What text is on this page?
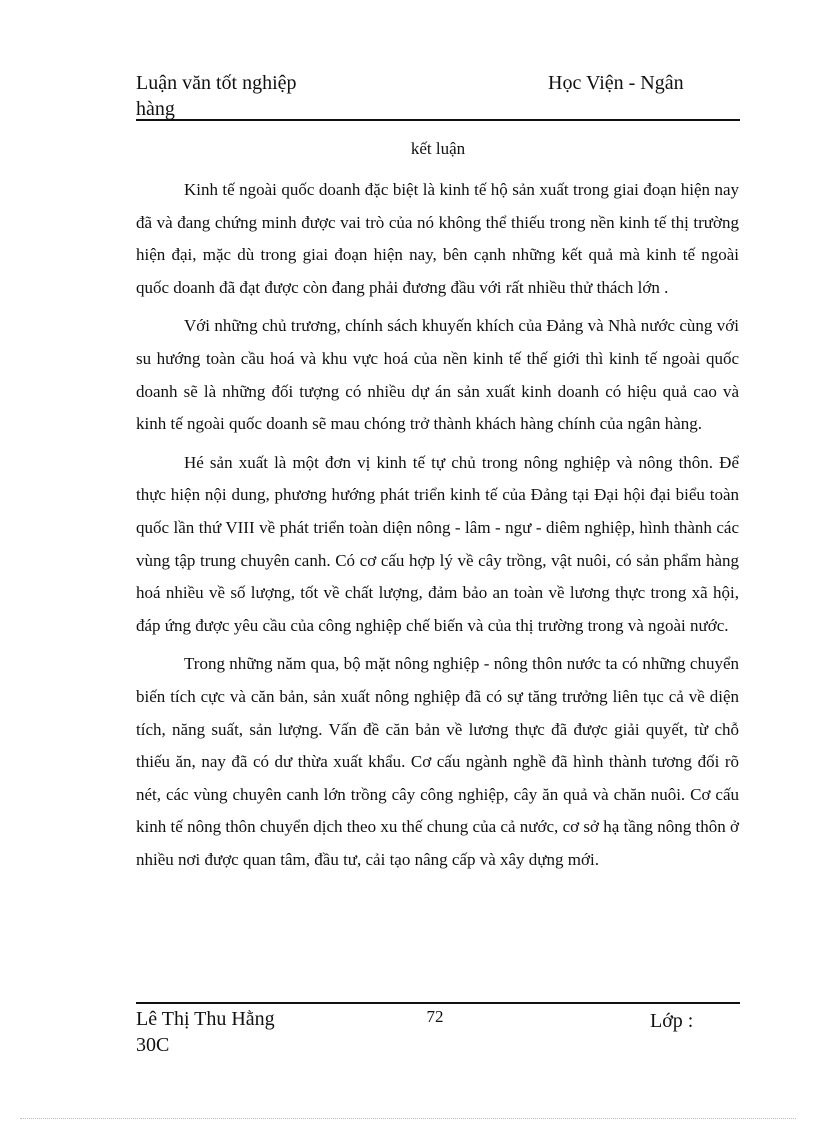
Luận văn tốt nghiệp
hàng
Học Viện - Ngân
kết luận

Kinh tế ngoài quốc doanh đặc biệt là kinh tế hộ sản xuất trong giai đoạn hiện nay đã và đang chứng minh được vai trò của nó không thể thiếu trong nền kinh tế thị trường hiện đại, mặc dù trong giai đoạn hiện nay, bên cạnh những kết quả mà kinh tế ngoài quốc doanh đã đạt được còn đang phải đương đầu với rất nhiều thử thách lớn .

Với những chủ trương, chính sách khuyến khích của Đảng và Nhà nước cùng với su hướng toàn cầu hoá và khu vực hoá của nền kinh tế thế giới thì kinh tế ngoài quốc doanh sẽ là những đối tượng có nhiều dự án sản xuất kinh doanh có hiệu quả cao và kinh tế ngoài quốc doanh sẽ mau chóng trở thành khách hàng chính của ngân hàng.

Hé sản xuất là một đơn vị kinh tế tự chủ trong nông nghiệp và nông thôn. Để thực hiện nội dung, phương hướng phát triển kinh tế của Đảng tại Đại hội đại biểu toàn quốc lần thứ VIII về phát triển toàn diện nông - lâm - ngư - diêm nghiệp, hình thành các vùng tập trung chuyên canh. Có cơ cấu hợp lý về cây trồng, vật nuôi, có sản phẩm hàng hoá nhiều về số lượng, tốt về chất lượng, đảm bảo an toàn về lương thực trong xã hội, đáp ứng được yêu cầu của công nghiệp chế biến và của thị trường trong và ngoài nước.

Trong những năm qua, bộ mặt nông nghiệp - nông thôn nước ta có những chuyển biến tích cực và căn bản, sản xuất nông nghiệp đã có sự tăng trưởng liên tục cả về diện tích, năng suất, sản lượng. Vấn đề căn bản về lương thực đã được giải quyết, từ chỗ thiếu ăn, nay đã có dư thừa xuất khẩu. Cơ cấu ngành nghề đã hình thành tương đối rõ nét, các vùng chuyên canh lớn trồng cây công nghiệp, cây ăn quả và chăn nuôi. Cơ cấu kinh tế nông thôn chuyển dịch theo xu thế chung của cả nước, cơ sở hạ tầng nông thôn ở nhiều nơi được quan tâm, đầu tư, cải tạo nâng cấp và xây dựng mới.

Lê Thị Thu Hằng
30C
72	Lớp :
